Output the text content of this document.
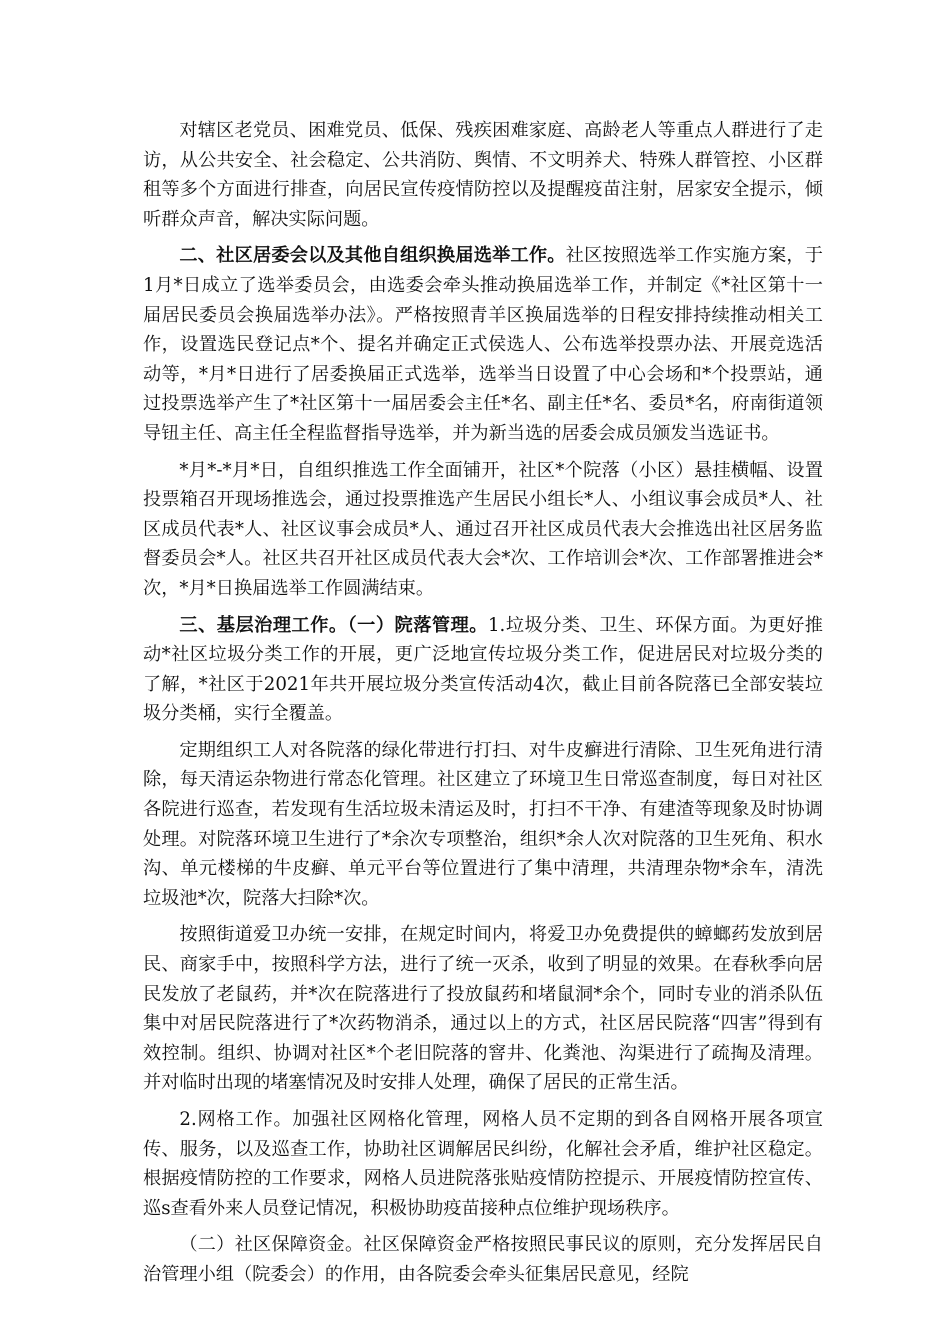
对辖区老党员、困难党员、低保、残疾困难家庭、高龄老人等重点人群进行了走访，从公共安全、社会稳定、公共消防、舆情、不文明养犬、特殊人群管控、小区群租等多个方面进行排查，向居民宣传疫情防控以及提醒疫苗注射，居家安全提示，倾听群众声音，解决实际问题。

二、社区居委会以及其他自组织换届选举工作。社区按照选举工作实施方案，于1月*日成立了选举委员会，由选委会牵头推动换届选举工作，并制定《*社区第十一届居民委员会换届选举办法》。严格按照青羊区换届选举的日程安排持续推动相关工作，设置选民登记点*个、提名并确定正式侯选人、公布选举投票办法、开展竞选活动等，*月*日进行了居委换届正式选举，选举当日设置了中心会场和*个投票站，通过投票选举产生了*社区第十一届居委会主任*名、副主任*名、委员*名，府南街道领导钮主任、高主任全程监督指导选举，并为新当选的居委会成员颁发当选证书。

*月*-*月*日，自组织推选工作全面铺开，社区*个院落（小区）悬挂横幅、设置投票箱召开现场推选会，通过投票推选产生居民小组长*人、小组议事会成员*人、社区成员代表*人、社区议事会成员*人、通过召开社区成员代表大会推选出社区居务监督委员会*人。社区共召开社区成员代表大会*次、工作培训会*次、工作部署推进会*次，*月*日换届选举工作圆满结束。

三、基层治理工作。（一）院落管理。1.垃圾分类、卫生、环保方面。为更好推动*社区垃圾分类工作的开展，更广泛地宣传垃圾分类工作，促进居民对垃圾分类的了解，*社区于2021年共开展垃圾分类宣传活动4次，截止目前各院落已全部安装垃圾分类桶，实行全覆盖。

定期组织工人对各院落的绿化带进行打扫、对牛皮癣进行清除、卫生死角进行清除，每天清运杂物进行常态化管理。社区建立了环境卫生日常巡查制度，每日对社区各院进行巡查，若发现有生活垃圾未清运及时，打扫不干净、有建渣等现象及时协调处理。对院落环境卫生进行了*余次专项整治，组织*余人次对院落的卫生死角、积水沟、单元楼梯的牛皮癣、单元平台等位置进行了集中清理，共清理杂物*余车，清洗垃圾池*次，院落大扫除*次。

按照街道爱卫办统一安排，在规定时间内，将爱卫办免费提供的蟑螂药发放到居民、商家手中，按照科学方法，进行了统一灭杀，收到了明显的效果。在春秋季向居民发放了老鼠药，并*次在院落进行了投放鼠药和堵鼠洞*余个，同时专业的消杀队伍集中对居民院落进行了*次药物消杀，通过以上的方式，社区居民院落“四害”得到有效控制。组织、协调对社区*个老旧院落的窨井、化粪池、沟渠进行了疏掏及清理。并对临时出现的堵塞情况及时安排人处理，确保了居民的正常生活。

2.网格工作。加强社区网格化管理，网格人员不定期的到各自网格开展各项宣传、服务，以及巡查工作，协助社区调解居民纠纷，化解社会矛盾，维护社区稳定。根据疫情防控的工作要求，网格人员进院落张贴疫情防控提示、开展疫情防控宣传、巡s查看外来人员登记情况，积极协助疫苗接种点位维护现场秩序。

（二）社区保障资金。社区保障资金严格按照民事民议的原则，充分发挥居民自治管理小组（院委会）的作用，由各院委会牵头征集居民意见，经院
